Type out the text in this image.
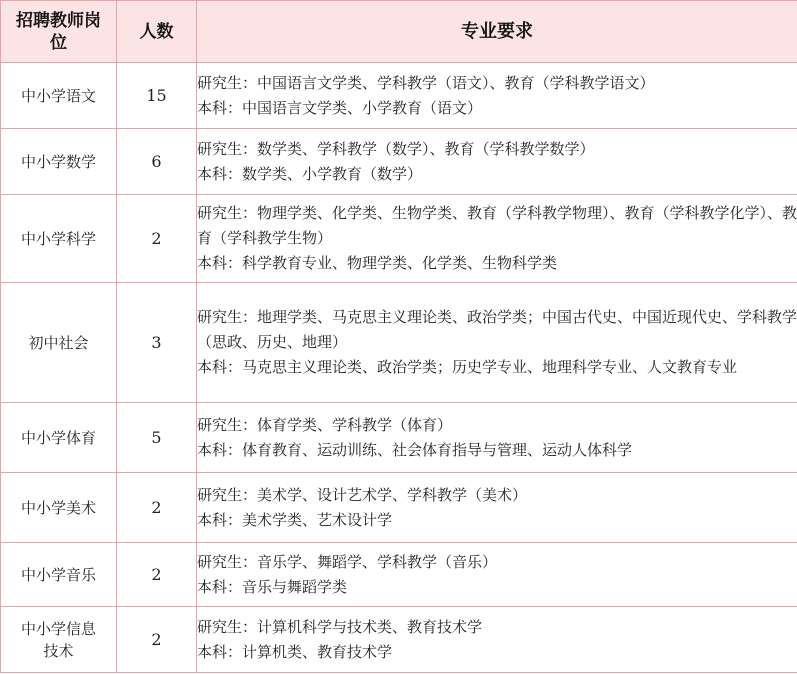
招聘教师岗位	人数	专业要求
中小学语文	15	研究生：中国语言文学类、学科教学（语文）、教育（学科教学语文）
本科：中国语言文学类、小学教育（语文）

中小学数学	6	研究生：数学类、学科教学（数学）、教育（学科教学数学）
本科：数学类、小学教育（数学）

中小学科学	2	研究生：物理学类、化学类、生物学类、教育（学科教学物理）、教育（学科教学化学）、教育（学科教学生物）
本科：科学教育专业、物理学类、化学类、生物科学类

初中社会	3	研究生：地理学类、马克思主义理论类、政治学类；中国古代史、中国近现代史、学科教学（思政、历史、地理）
本科：马克思主义理论类、政治学类；历史学专业、地理科学专业、人文教育专业

中小学体育	5	研究生：体育学类、学科教学（体育）
本科：体育教育、运动训练、社会体育指导与管理、运动人体科学

中小学美术	2	研究生：美术学、设计艺术学、学科教学（美术）
本科：美术学类、艺术设计学

中小学音乐	2	研究生：音乐学、舞蹈学、学科教学（音乐）
本科：音乐与舞蹈学类

中小学信息技术	2	研究生：计算机科学与技术类、教育技术学
本科：计算机类、教育技术学
